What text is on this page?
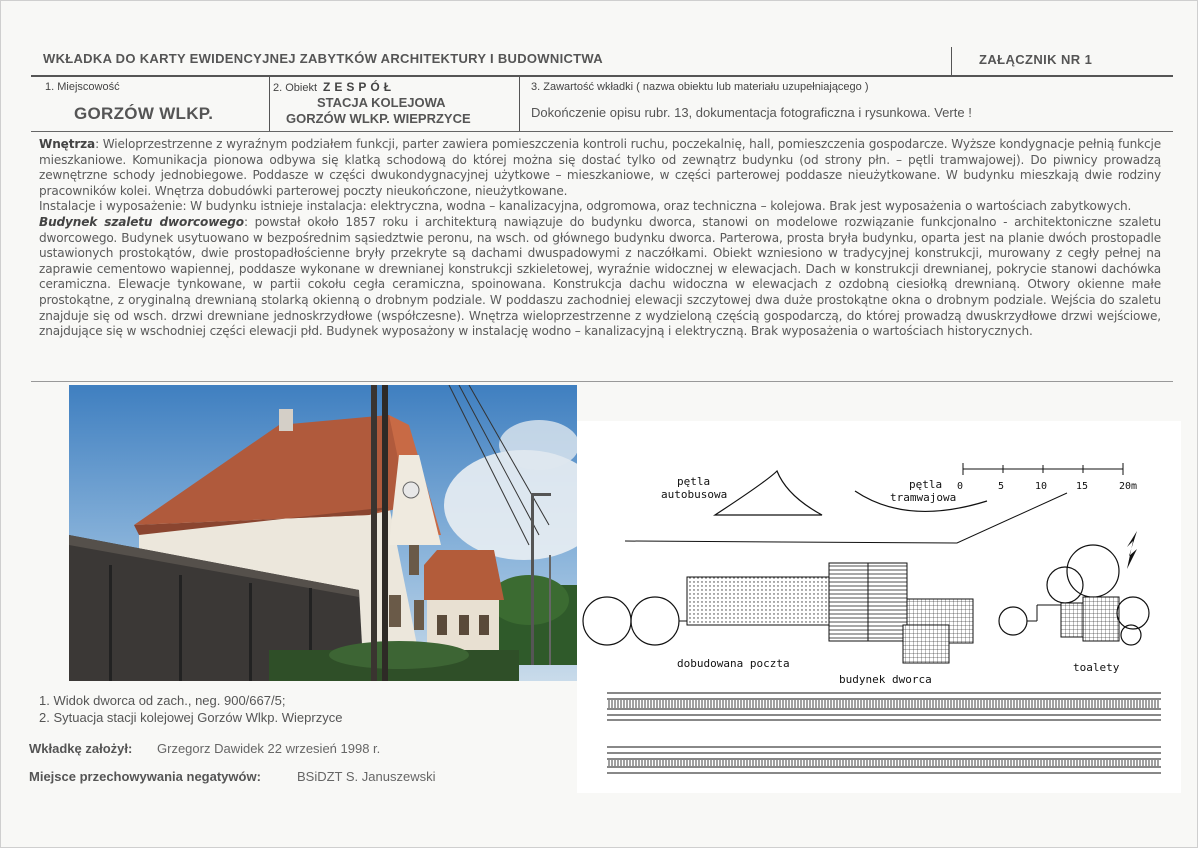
WKŁADKA DO KARTY EWIDENCYJNEJ ZABYTKÓW ARCHITEKTURY I BUDOWNICTWA	ZAŁĄCZNIK NR 1
1. Miejscowość
GORZÓW WLKP.
2. Obiekt ZESPÓŁ
STACJA KOLEJOWA
GORZÓW WLKP. WIEPRZYCE
3. Zawartość wkładki ( nazwa obiektu lub materiału uzupełniającego )
Dokończenie opisu rubr. 13, dokumentacja fotograficzna i rysunkowa. Verte !

Wnętrza: Wieloprzestrzenne z wyraźnym podziałem funkcji, parter zawiera pomieszczenia kontroli ruchu, poczekalnię, hall, pomieszczenia gospodarcze. Wyższe kondygnacje pełnią funkcje mieszkaniowe. Komunikacja pionowa odbywa się klatką schodową do której można się dostać tylko od zewnątrz budynku (od strony płn. – pętli tramwajowej). Do piwnicy prowadzą zewnętrzne schody jednobiegowe. Poddasze w części dwukondygnacyjnej użytkowe – mieszkaniowe, w części parterowej poddasze nieużytkowane. W budynku mieszkają dwie rodziny pracowników kolei. Wnętrza dobudówki parterowej poczty nieukończone, nieużytkowane.

Instalacje i wyposażenie: W budynku istnieje instalacja: elektryczna, wodna – kanalizacyjna, odgromowa, oraz techniczna – kolejowa. Brak jest wyposażenia o wartościach zabytkowych.

Budynek szaletu dworcowego: powstał około 1857 roku i architekturą nawiązuje do budynku dworca, stanowi on modelowe rozwiązanie funkcjonalno - architektoniczne szaletu dworcowego. Budynek usytuowano w bezpośrednim sąsiedztwie peronu, na wsch. od głównego budynku dworca. Parterowa, prosta bryła budynku, oparta jest na planie dwóch prostopadle ustawionych prostokątów, dwie prostopadłościenne bryły przekryte są dachami dwuspadowymi z naczółkami. Obiekt wzniesiono w tradycyjnej konstrukcji, murowany z cegły pełnej na zaprawie cementowo wapiennej, poddasze wykonane w drewnianej konstrukcji szkieletowej, wyraźnie widocznej w elewacjach. Dach w konstrukcji drewnianej, pokrycie stanowi dachówka ceramiczna. Elewacje tynkowane, w partii cokołu cegła ceramiczna, spoinowana. Konstrukcja dachu widoczna w elewacjach z ozdobną ciesiołką drewnianą. Otwory okienne małe prostokątne, z oryginalną drewnianą stolarką okienną o drobnym podziale. W poddaszu zachodniej elewacji szczytowej dwa duże prostokątne okna o drobnym podziale. Wejścia do szaletu znajduje się od wsch. drzwi drewniane jednoskrzydłowe (współczesne). Wnętrza wieloprzestrzenne z wydzieloną częścią gospodarczą, do której prowadzą dwuskrzydłowe drzwi wejściowe, znajdujące się w wschodniej części elewacji płd. Budynek wyposażony w instalację wodno – kanalizacyjną i elektryczną. Brak wyposażenia o wartościach historycznych.

pętla
autobusowa
pętla
tramwajowa
0	5	10	15	20m
dobudowana poczta
budynek dworca
toalety
1. Widok dworca od zach., neg. 900/667/5;
2. Sytuacja stacji kolejowej Gorzów Wlkp. Wieprzyce
Wkładkę założył: Grzegorz Dawidek 22 wrzesień 1998 r.
Miejsce przechowywania negatywów:	BSiDZT S. Januszewski
